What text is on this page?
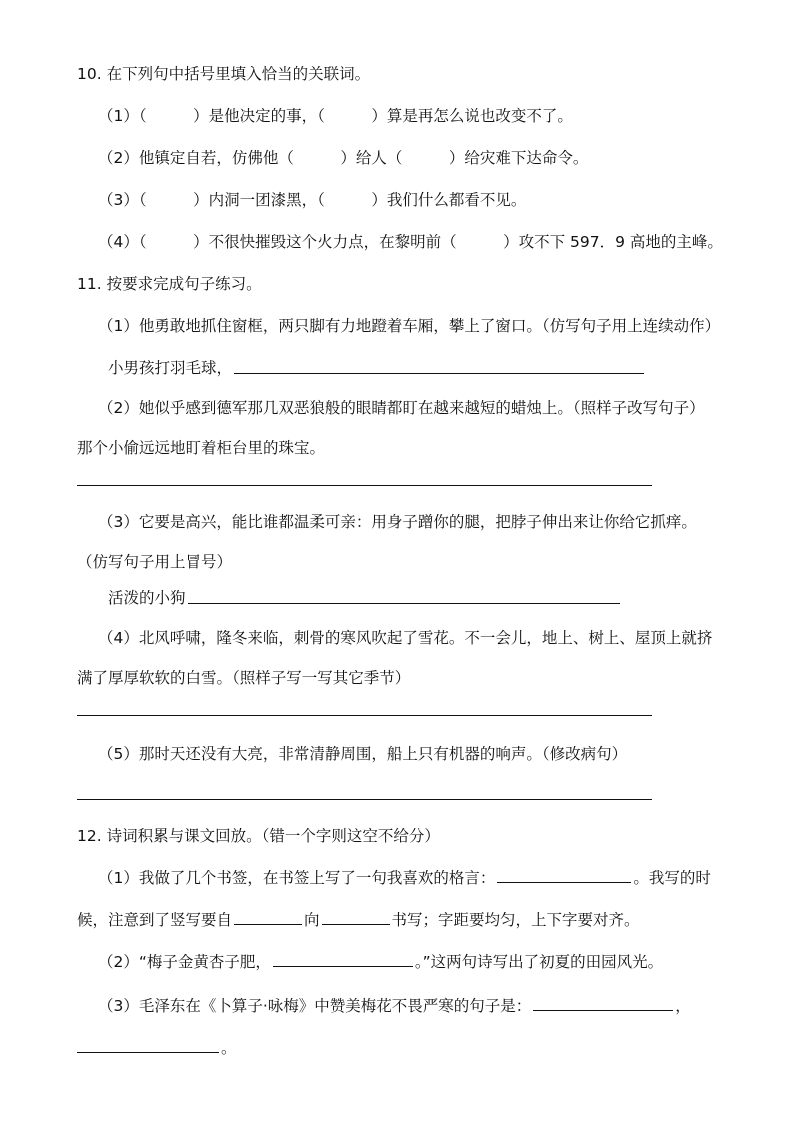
10. 在下列句中括号里填入恰当的关联词。
（1）（　　　）是他决定的事，（　　　）算是再怎么说也改变不了。
（2）他镇定自若，仿佛他（　　　）给人（　　　）给灾难下达命令。
（3）（　　　）内洞一团漆黑，（　　　）我们什么都看不见。
（4）（　　　）不很快摧毁这个火力点，在黎明前（　　　）攻不下 597．9 高地的主峰。
11. 按要求完成句子练习。
（1）他勇敢地抓住窗框，两只脚有力地蹬着车厢，攀上了窗口。（仿写句子用上连续动作）
小男孩打羽毛球，
（2）她似乎感到德军那几双恶狼般的眼睛都盯在越来越短的蜡烛上。（照样子改写句子）
那个小偷远远地盯着柜台里的珠宝。
（3）它要是高兴，能比谁都温柔可亲：用身子蹭你的腿，把脖子伸出来让你给它抓痒。
（仿写句子用上冒号）
活泼的小狗
（4）北风呼啸，隆冬来临，刺骨的寒风吹起了雪花。不一会儿，地上、树上、屋顶上就挤
满了厚厚软软的白雪。（照样子写一写其它季节）
（5）那时天还没有大亮，非常清静周围，船上只有机器的响声。（修改病句）
12. 诗词积累与课文回放。（错一个字则这空不给分）
（1）我做了几个书签，在书签上写了一句我喜欢的格言：	。我写的时
候，注意到了竖写要自	向	书写；字距要均匀，上下字要对齐。
（2）“梅子金黄杏子肥，	。”这两句诗写出了初夏的田园风光。
（3）毛泽东在《卜算子·咏梅》中赞美梅花不畏严寒的句子是：	，
。
